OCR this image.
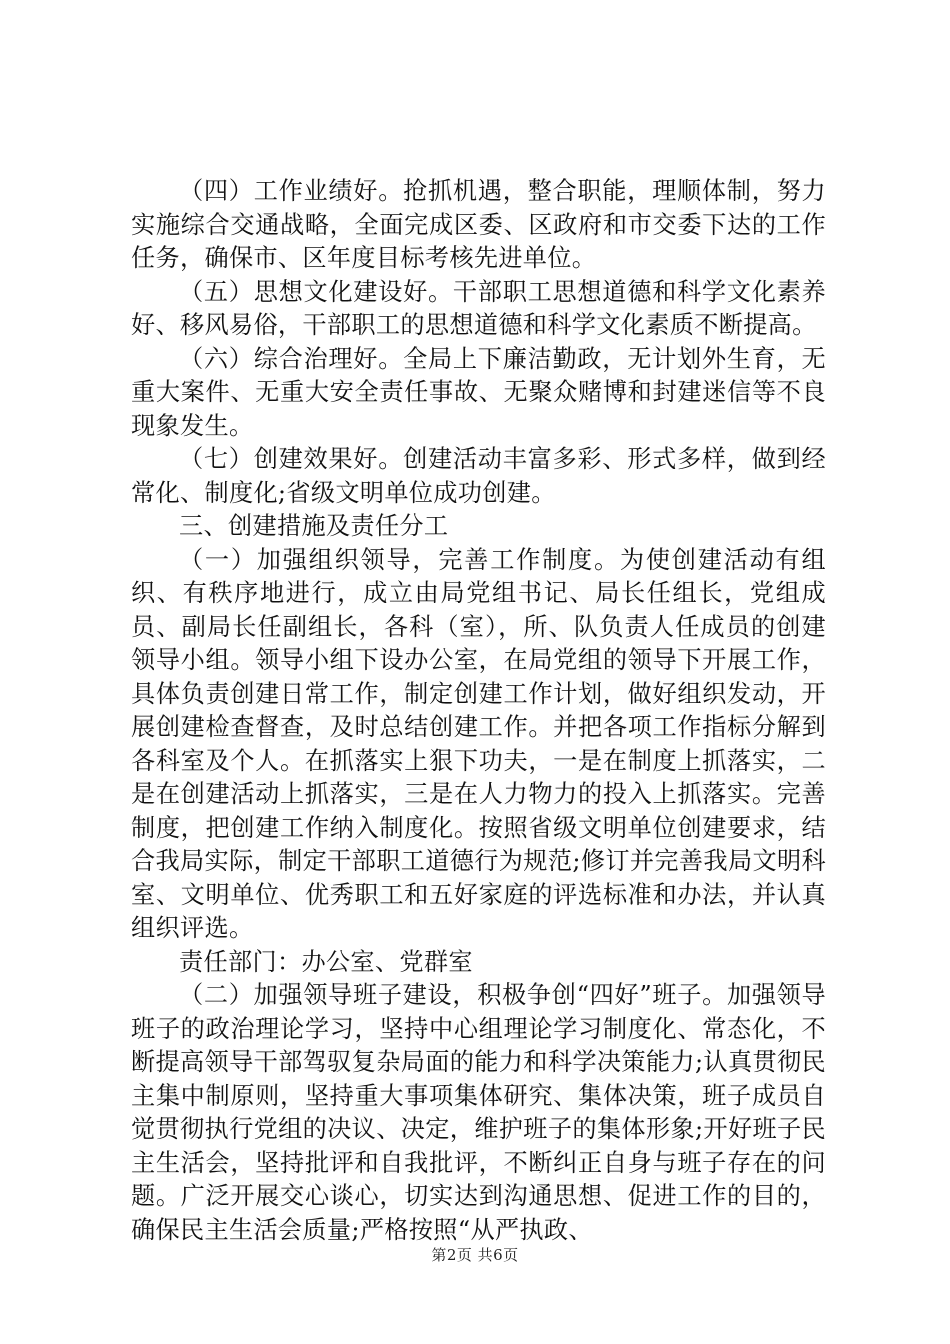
（四）工作业绩好。抢抓机遇，整合职能，理顺体制，努力实施综合交通战略，全面完成区委、区政府和市交委下达的工作任务，确保市、区年度目标考核先进单位。

（五）思想文化建设好。干部职工思想道德和科学文化素养好、移风易俗，干部职工的思想道德和科学文化素质不断提高。

（六）综合治理好。全局上下廉洁勤政，无计划外生育，无重大案件、无重大安全责任事故、无聚众赌博和封建迷信等不良现象发生。

（七）创建效果好。创建活动丰富多彩、形式多样，做到经常化、制度化;省级文明单位成功创建。

三、创建措施及责任分工

（一）加强组织领导，完善工作制度。为使创建活动有组织、有秩序地进行，成立由局党组书记、局长任组长，党组成员、副局长任副组长，各科（室），所、队负责人任成员的创建领导小组。领导小组下设办公室，在局党组的领导下开展工作，具体负责创建日常工作，制定创建工作计划，做好组织发动，开展创建检查督查，及时总结创建工作。并把各项工作指标分解到各科室及个人。在抓落实上狠下功夫，一是在制度上抓落实，二是在创建活动上抓落实，三是在人力物力的投入上抓落实。完善制度，把创建工作纳入制度化。按照省级文明单位创建要求，结合我局实际，制定干部职工道德行为规范;修订并完善我局文明科室、文明单位、优秀职工和五好家庭的评选标准和办法，并认真组织评选。

责任部门：办公室、党群室

（二）加强领导班子建设，积极争创“四好”班子。加强领导班子的政治理论学习，坚持中心组理论学习制度化、常态化，不断提高领导干部驾驭复杂局面的能力和科学决策能力;认真贯彻民主集中制原则，坚持重大事项集体研究、集体决策，班子成员自觉贯彻执行党组的决议、决定，维护班子的集体形象;开好班子民主生活会，坚持批评和自我批评，不断纠正自身与班子存在的问题。广泛开展交心谈心，切实达到沟通思想、促进工作的目的，确保民主生活会质量;严格按照“从严执政、

第2页 共6页
